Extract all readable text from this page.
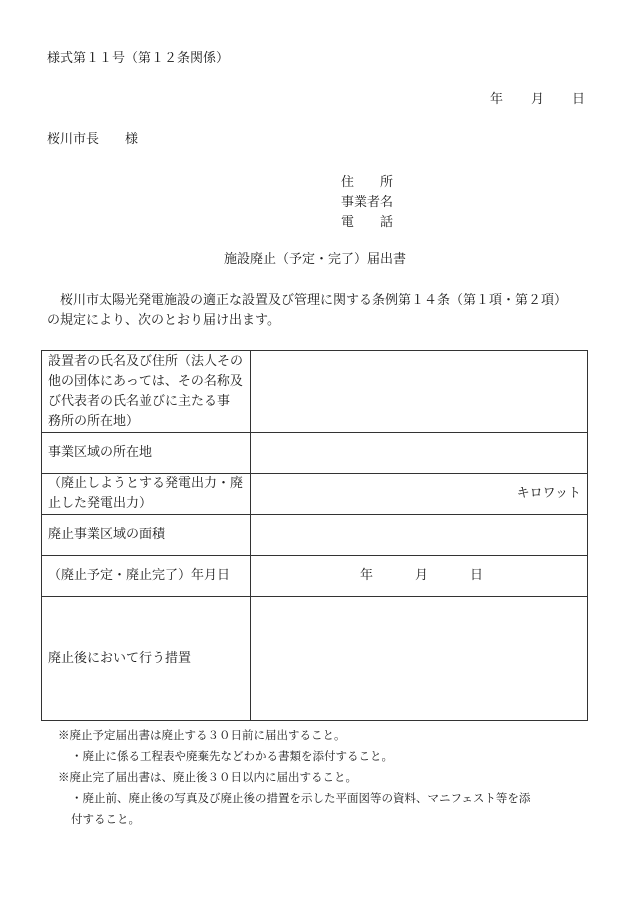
様式第１１号（第１２条関係）
年 月 日
桜川市長　　様
住　　所
事業者名
電　　話
施設廃止（予定・完了）届出書
　桜川市太陽光発電施設の適正な設置及び管理に関する条例第１４条（第１項・第２項）
の規定により、次のとおり届け出ます。
設置者の氏名及び住所（法人その
他の団体にあっては、その名称及
び代表者の氏名並びに主たる事
務所の所在地）	

事業区域の所在地	

（廃止しようとする発電出力・廃
止した発電出力）	キロワット

廃止事業区域の面積	

（廃止予定・廃止完了）年月日	年 月 日

廃止後において行う措置	

※廃止予定届出書は廃止する３０日前に届出すること。
・廃止に係る工程表や廃棄先などわかる書類を添付すること。
※廃止完了届出書は、廃止後３０日以内に届出すること。
・廃止前、廃止後の写真及び廃止後の措置を示した平面図等の資料、マニフェスト等を添
付すること。
